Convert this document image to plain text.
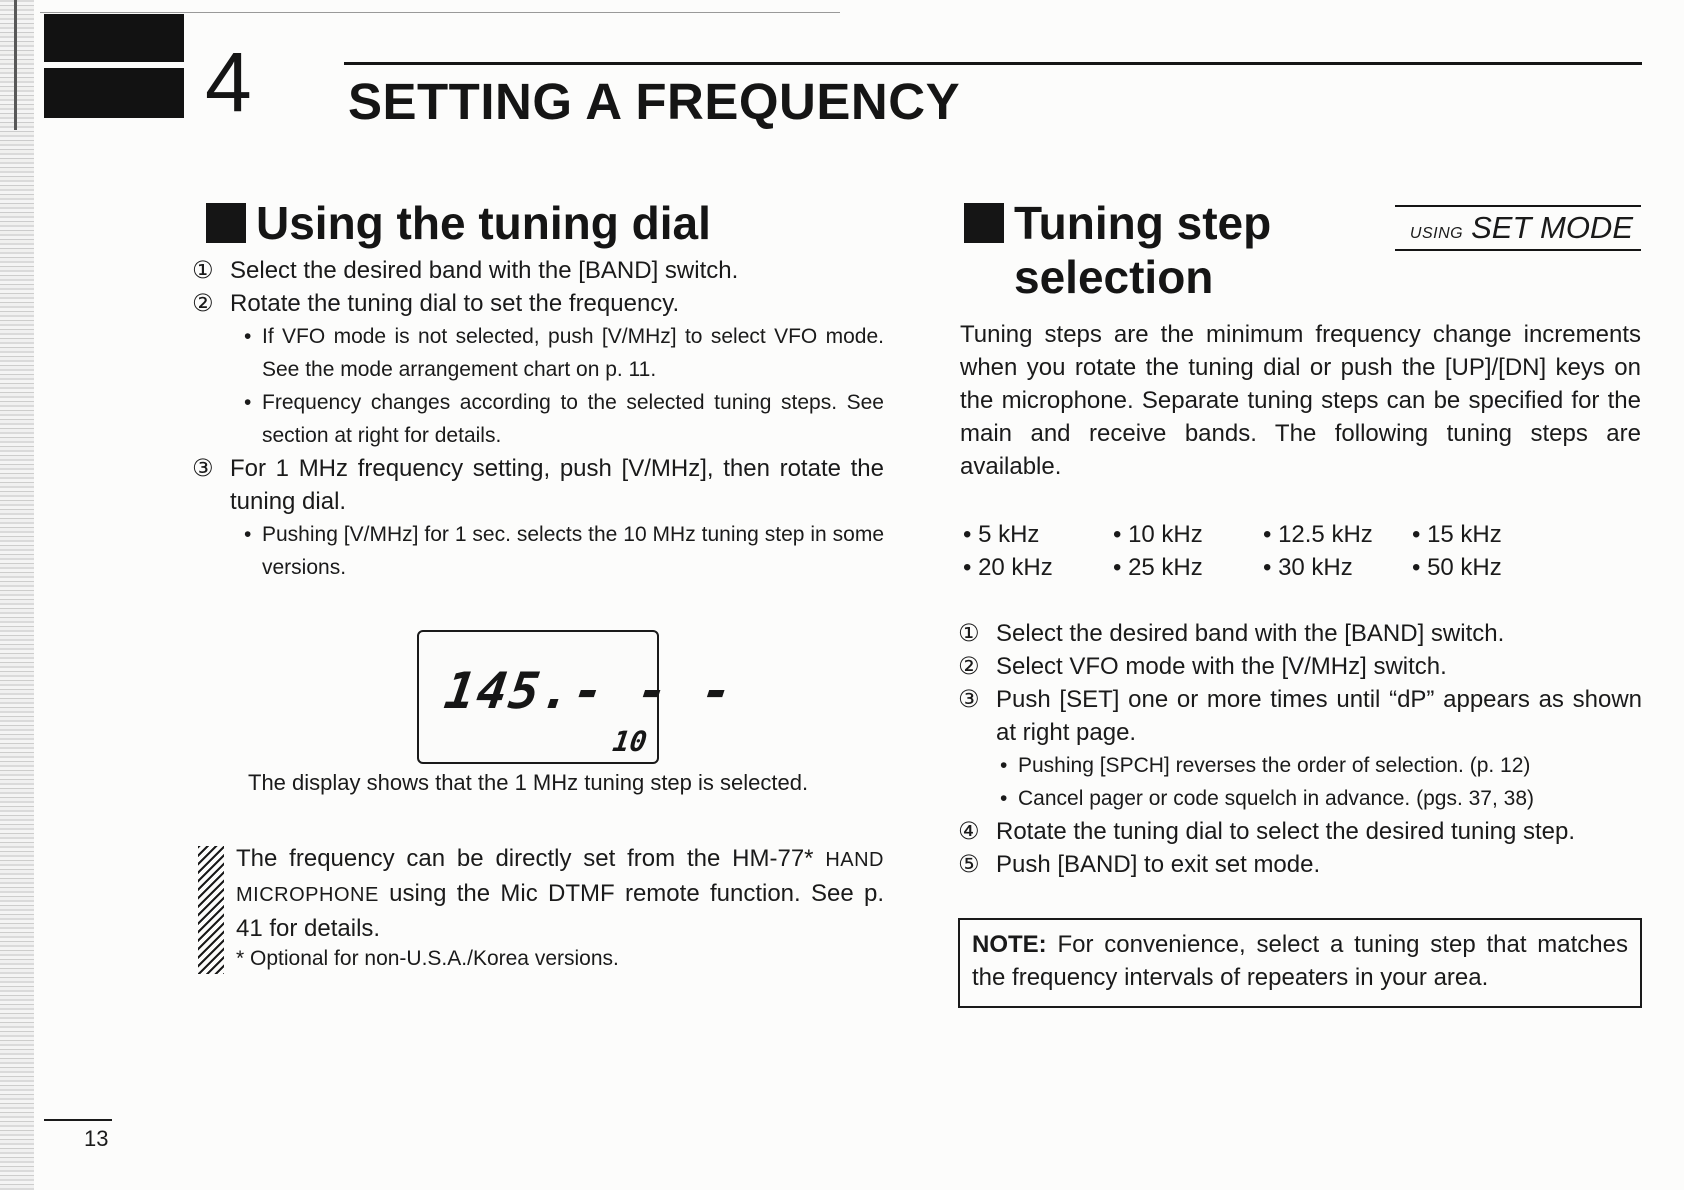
4 SETTING A FREQUENCY
Using the tuning dial
① Select the desired band with the [BAND] switch.
② Rotate the tuning dial to set the frequency.
• If VFO mode is not selected, push [V/MHz] to select VFO mode. See the mode arrangement chart on p. 11.
• Frequency changes according to the selected tuning steps. See section at right for details.
③ For 1 MHz frequency setting, push [V/MHz], then rotate the tuning dial.
• Pushing [V/MHz] for 1 sec. selects the 10 MHz tuning step in some versions.
145.- - -
10
The display shows that the 1 MHz tuning step is selected.
The frequency can be directly set from the HM-77* HAND MICROPHONE using the Mic DTMF remote function. See p. 41 for details.
* Optional for non-U.S.A./Korea versions.
Tuning step
selection
USING SET MODE
Tuning steps are the minimum frequency change increments when you rotate the tuning dial or push the [UP]/[DN] keys on the microphone. Separate tuning steps can be specified for the main and receive bands. The following tuning steps are available.
• 5 kHz	• 10 kHz	• 12.5 kHz	• 15 kHz
• 20 kHz	• 25 kHz	• 30 kHz	• 50 kHz
① Select the desired band with the [BAND] switch.
② Select VFO mode with the [V/MHz] switch.
③ Push [SET] one or more times until “dP” appears as shown at right page.
• Pushing [SPCH] reverses the order of selection. (p. 12)
• Cancel pager or code squelch in advance. (pgs. 37, 38)
④ Rotate the tuning dial to select the desired tuning step.
⑤ Push [BAND] to exit set mode.
NOTE: For convenience, select a tuning step that matches the frequency intervals of repeaters in your area.
13
